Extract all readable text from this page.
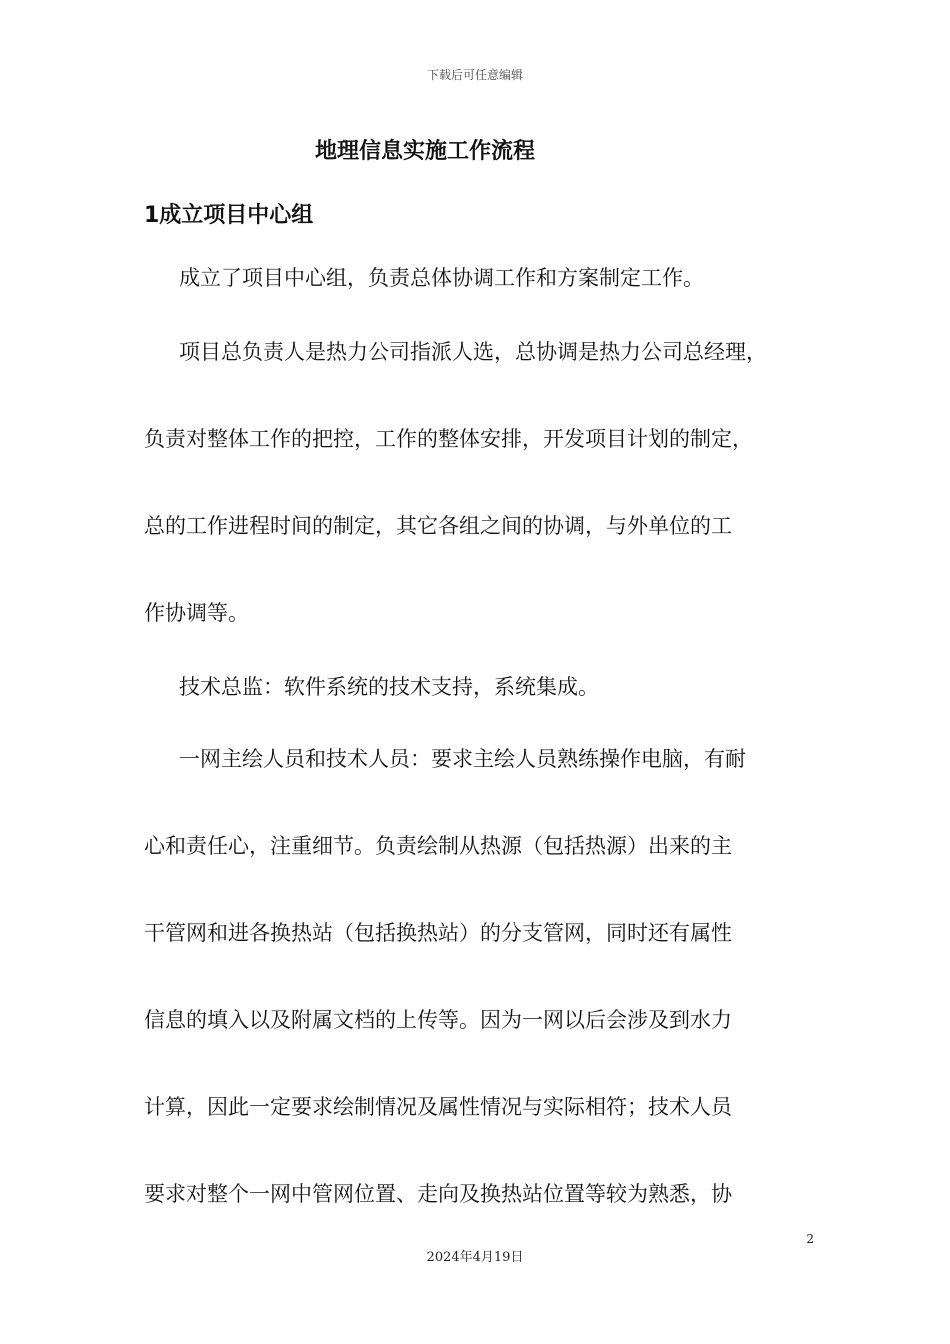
下载后可任意编辑
地理信息实施工作流程
1成立项目中心组

成立了项目中心组，负责总体协调工作和方案制定工作。

项目总负责人是热力公司指派人选，总协调是热力公司总经理，

负责对整体工作的把控，工作的整体安排，开发项目计划的制定，

总的工作进程时间的制定，其它各组之间的协调，与外单位的工

作协调等。

技术总监：软件系统的技术支持，系统集成。

一网主绘人员和技术人员：要求主绘人员熟练操作电脑，有耐

心和责任心，注重细节。负责绘制从热源（包括热源）出来的主

干管网和进各换热站（包括换热站）的分支管网，同时还有属性

信息的填入以及附属文档的上传等。因为一网以后会涉及到水力

计算，因此一定要求绘制情况及属性情况与实际相符；技术人员

要求对整个一网中管网位置、走向及换热站位置等较为熟悉，协

2
2024年4月19日
